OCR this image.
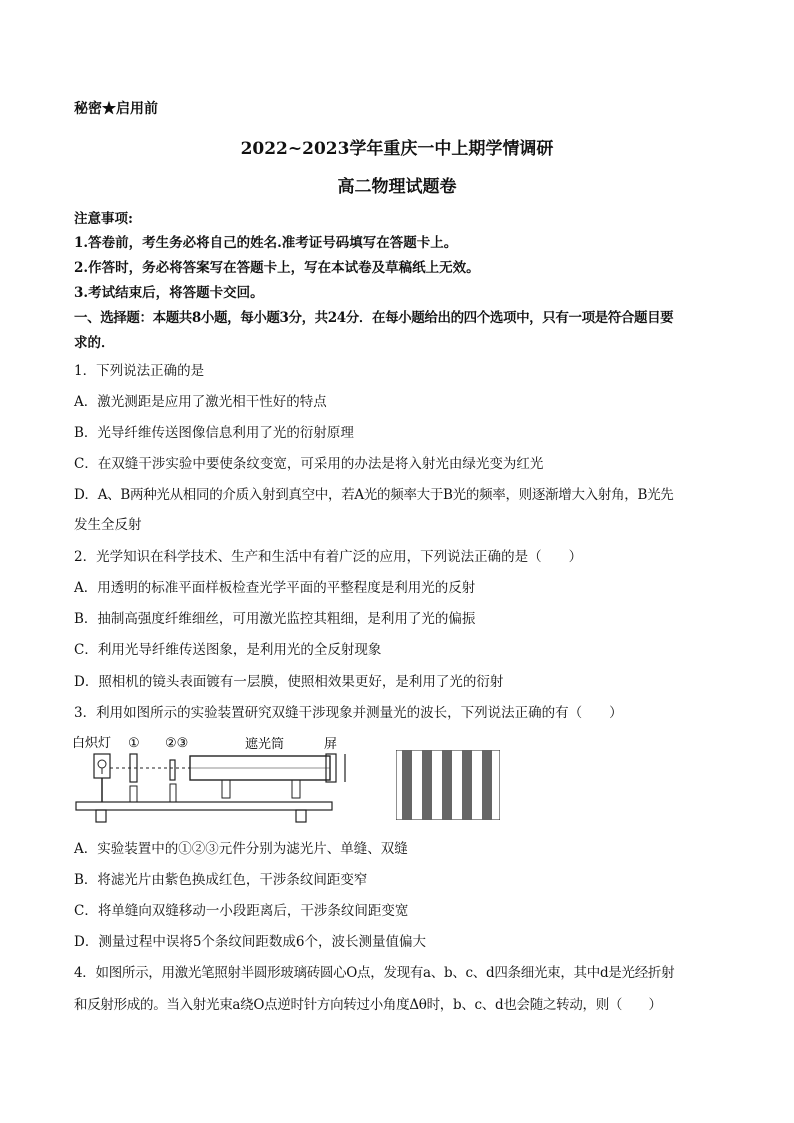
秘密★启用前
2022~2023学年重庆一中上期学情调研
高二物理试题卷
注意事项:
1.答卷前，考生务必将自己的姓名.准考证号码填写在答题卡上。
2.作答时，务必将答案写在答题卡上，写在本试卷及草稿纸上无效。
3.考试结束后，将答题卡交回。
一、选择题：本题共8小题，每小题3分，共24分．在每小题给出的四个选项中，只有一项是符合题目要
求的．
1．下列说法正确的是
A．激光测距是应用了激光相干性好的特点
B．光导纤维传送图像信息利用了光的衍射原理
C．在双缝干涉实验中要使条纹变宽，可采用的办法是将入射光由绿光变为红光
D．A、B两种光从相同的介质入射到真空中，若A光的频率大于B光的频率，则逐渐增大入射角，B光先
发生全反射
2．光学知识在科学技术、生产和生活中有着广泛的应用，下列说法正确的是（　　）
A．用透明的标准平面样板检查光学平面的平整程度是利用光的反射
B．抽制高强度纤维细丝，可用激光监控其粗细，是利用了光的偏振
C．利用光导纤维传送图象，是利用光的全反射现象
D．照相机的镜头表面镀有一层膜，使照相效果更好，是利用了光的衍射
3．利用如图所示的实验装置研究双缝干涉现象并测量光的波长，下列说法正确的有（　　）
白炽灯 ① ②③	遮光筒	屏
A．实验装置中的①②③元件分别为滤光片、单缝、双缝
B．将滤光片由紫色换成红色，干涉条纹间距变窄
C．将单缝向双缝移动一小段距离后，干涉条纹间距变宽
D．测量过程中误将5个条纹间距数成6个，波长测量值偏大
4．如图所示，用激光笔照射半圆形玻璃砖圆心O点，发现有a、b、c、d四条细光束，其中d是光经折射
和反射形成的。当入射光束a绕O点逆时针方向转过小角度Δθ时，b、c、d也会随之转动，则（　　）
